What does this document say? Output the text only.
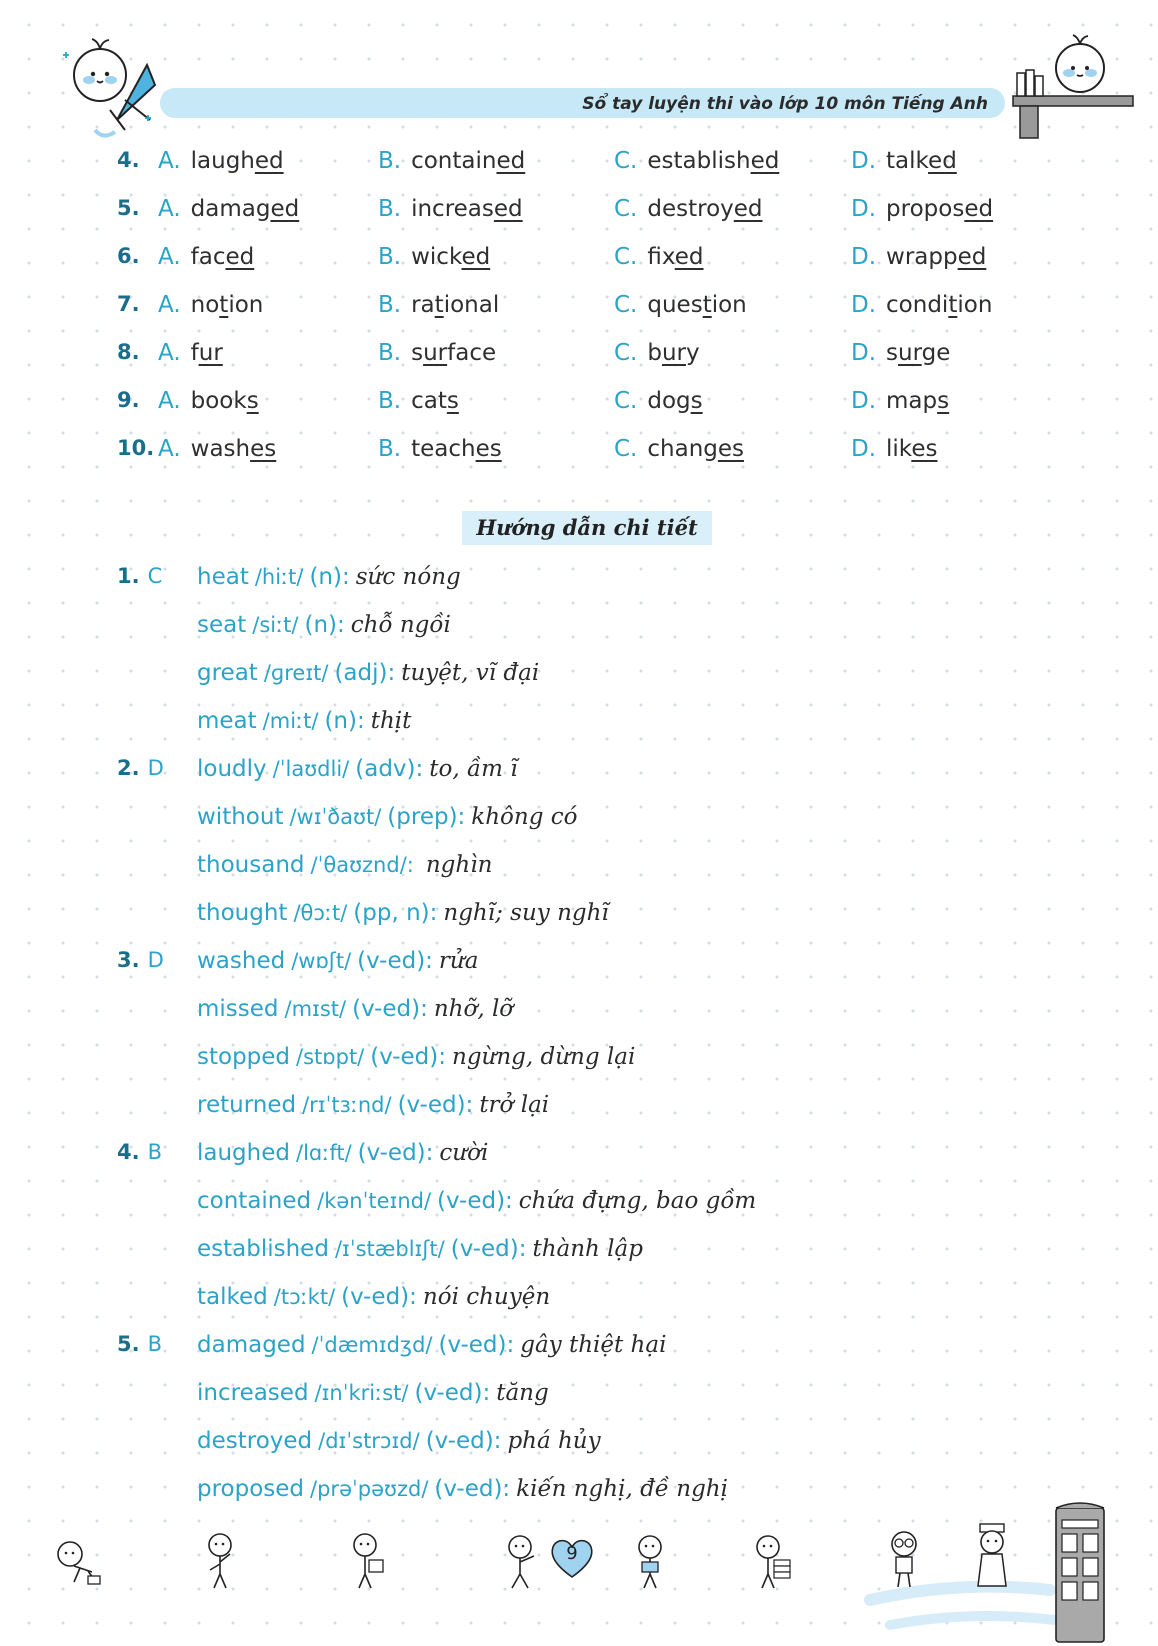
Sổ tay luyện thi vào lớp 10 môn Tiếng Anh
4. A. laughed	B. contained	C. established	D. talked
5. A. damaged	B. increased	C. destroyed	D. proposed
6. A. faced	B. wicked	C. fixed	D. wrapped
7. A. notion	B. rational	C. question	D. condition
8. A. fur	B. surface	C. bury	D. surge
9. A. books	B. cats	C. dogs	D. maps
10. A. washes	B. teaches	C. changes	D. likes
Hướng dẫn chi tiết
1. C heat /hiːt/ (n): sức nóng
seat /siːt/ (n): chỗ ngồi
great /ɡreɪt/ (adj): tuyệt, vĩ đại
meat /miːt/ (n): thịt
2. D loudly /ˈlaʊdli/ (adv): to, ầm ĩ
without /wɪˈðaʊt/ (prep): không có
thousand /ˈθaʊznd/: nghìn
thought /θɔːt/ (pp, n): nghĩ; suy nghĩ
3. D washed /wɒʃt/ (v-ed): rửa
missed /mɪst/ (v-ed): nhỡ, lỡ
stopped /stɒpt/ (v-ed): ngừng, dừng lại
returned /rɪˈtɜːnd/ (v-ed): trở lại
4. B laughed /lɑːft/ (v-ed): cười
contained /kənˈteɪnd/ (v-ed): chứa đựng, bao gồm
established /ɪˈstæblɪʃt/ (v-ed): thành lập
talked /tɔːkt/ (v-ed): nói chuyện
5. B damaged /ˈdæmɪdʒd/ (v-ed): gây thiệt hại
increased /ɪnˈkriːst/ (v-ed): tăng
destroyed /dɪˈstrɔɪd/ (v-ed): phá hủy
proposed /prəˈpəʊzd/ (v-ed): kiến nghị, đề nghị
9
